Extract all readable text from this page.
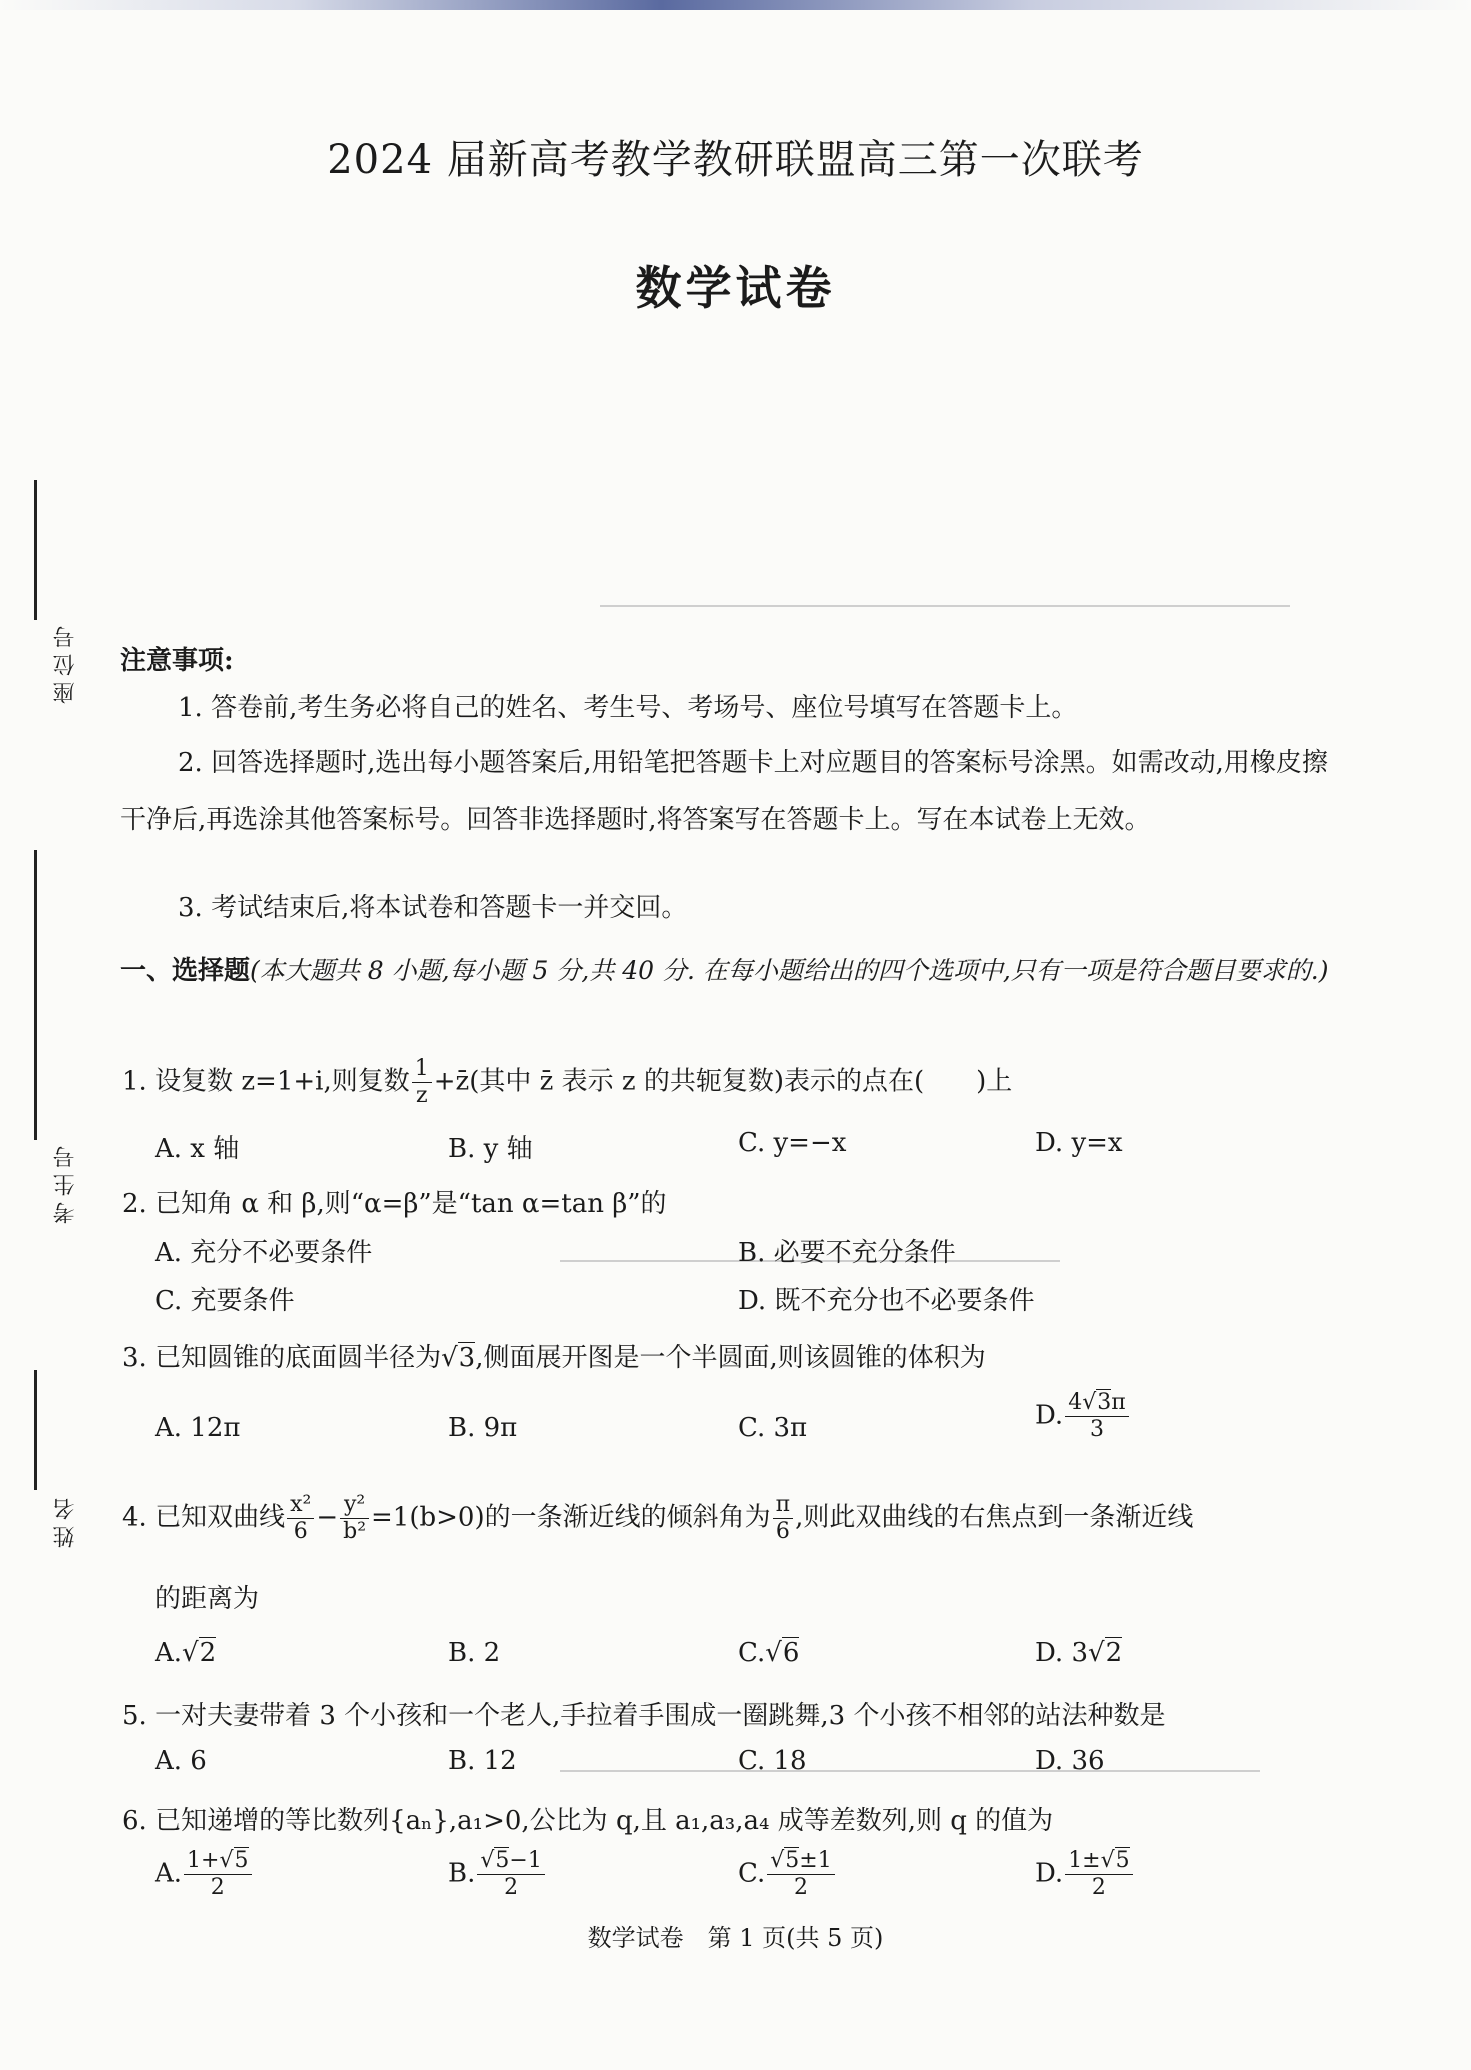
2024 届新高考教学教研联盟高三第一次联考
数学试卷
座位号
考生号
姓名
注意事项:
1. 答卷前,考生务必将自己的姓名、考生号、考场号、座位号填写在答题卡上。
2. 回答选择题时,选出每小题答案后,用铅笔把答题卡上对应题目的答案标号涂黑。如需改动,用橡皮擦干净后,再选涂其他答案标号。回答非选择题时,将答案写在答题卡上。写在本试卷上无效。
3. 考试结束后,将本试卷和答题卡一并交回。
一、选择题(本大题共 8 小题,每小题 5 分,共 40 分. 在每小题给出的四个选项中,只有一项是符合题目要求的.)
1. 设复数 z=1+i,则复数 $\frac{1}{z}$ +z̄(其中 z̄ 表示 z 的共轭复数)表示的点在(　　)上
A. x 轴	B. y 轴	C. y=−x	D. y=x
2. 已知角 α 和 β,则“α=β”是“tan α=tan β”的
A. 充分不必要条件	B. 必要不充分条件
C. 充要条件	D. 既不充分也不必要条件
3. 已知圆锥的底面圆半径为√3,侧面展开图是一个半圆面,则该圆锥的体积为
A. 12π	B. 9π	C. 3π	D. $\frac{4√3\pi}{3}$
4. 已知双曲线 $\frac{\text{x²}}{6} - \frac{\text{y²}}{\text{b²}} =1(b>0)$的一条渐近线的倾斜角为 $\frac{\pi}{6}$ ,则此双曲线的右焦点到一条渐近线
的距离为
A.√2	B. 2	C.√6	D. 3√2
5. 一对夫妻带着 3 个小孩和一个老人,手拉着手围成一圈跳舞,3 个小孩不相邻的站法种数是
A. 6	B. 12	C. 18	D. 36
6. 已知递增的等比数列{aₙ},a₁>0,公比为 q,且 a₁,a₃,a₄ 成等差数列,则 q 的值为
A. $\frac{1+√5}{2}$	B. $\frac{√5-1}{2}$	C. $\frac{√5\pm 1}{2}$	D. $\frac{1\pm√5}{2}$
数学试卷　第 1 页(共 5 页)
